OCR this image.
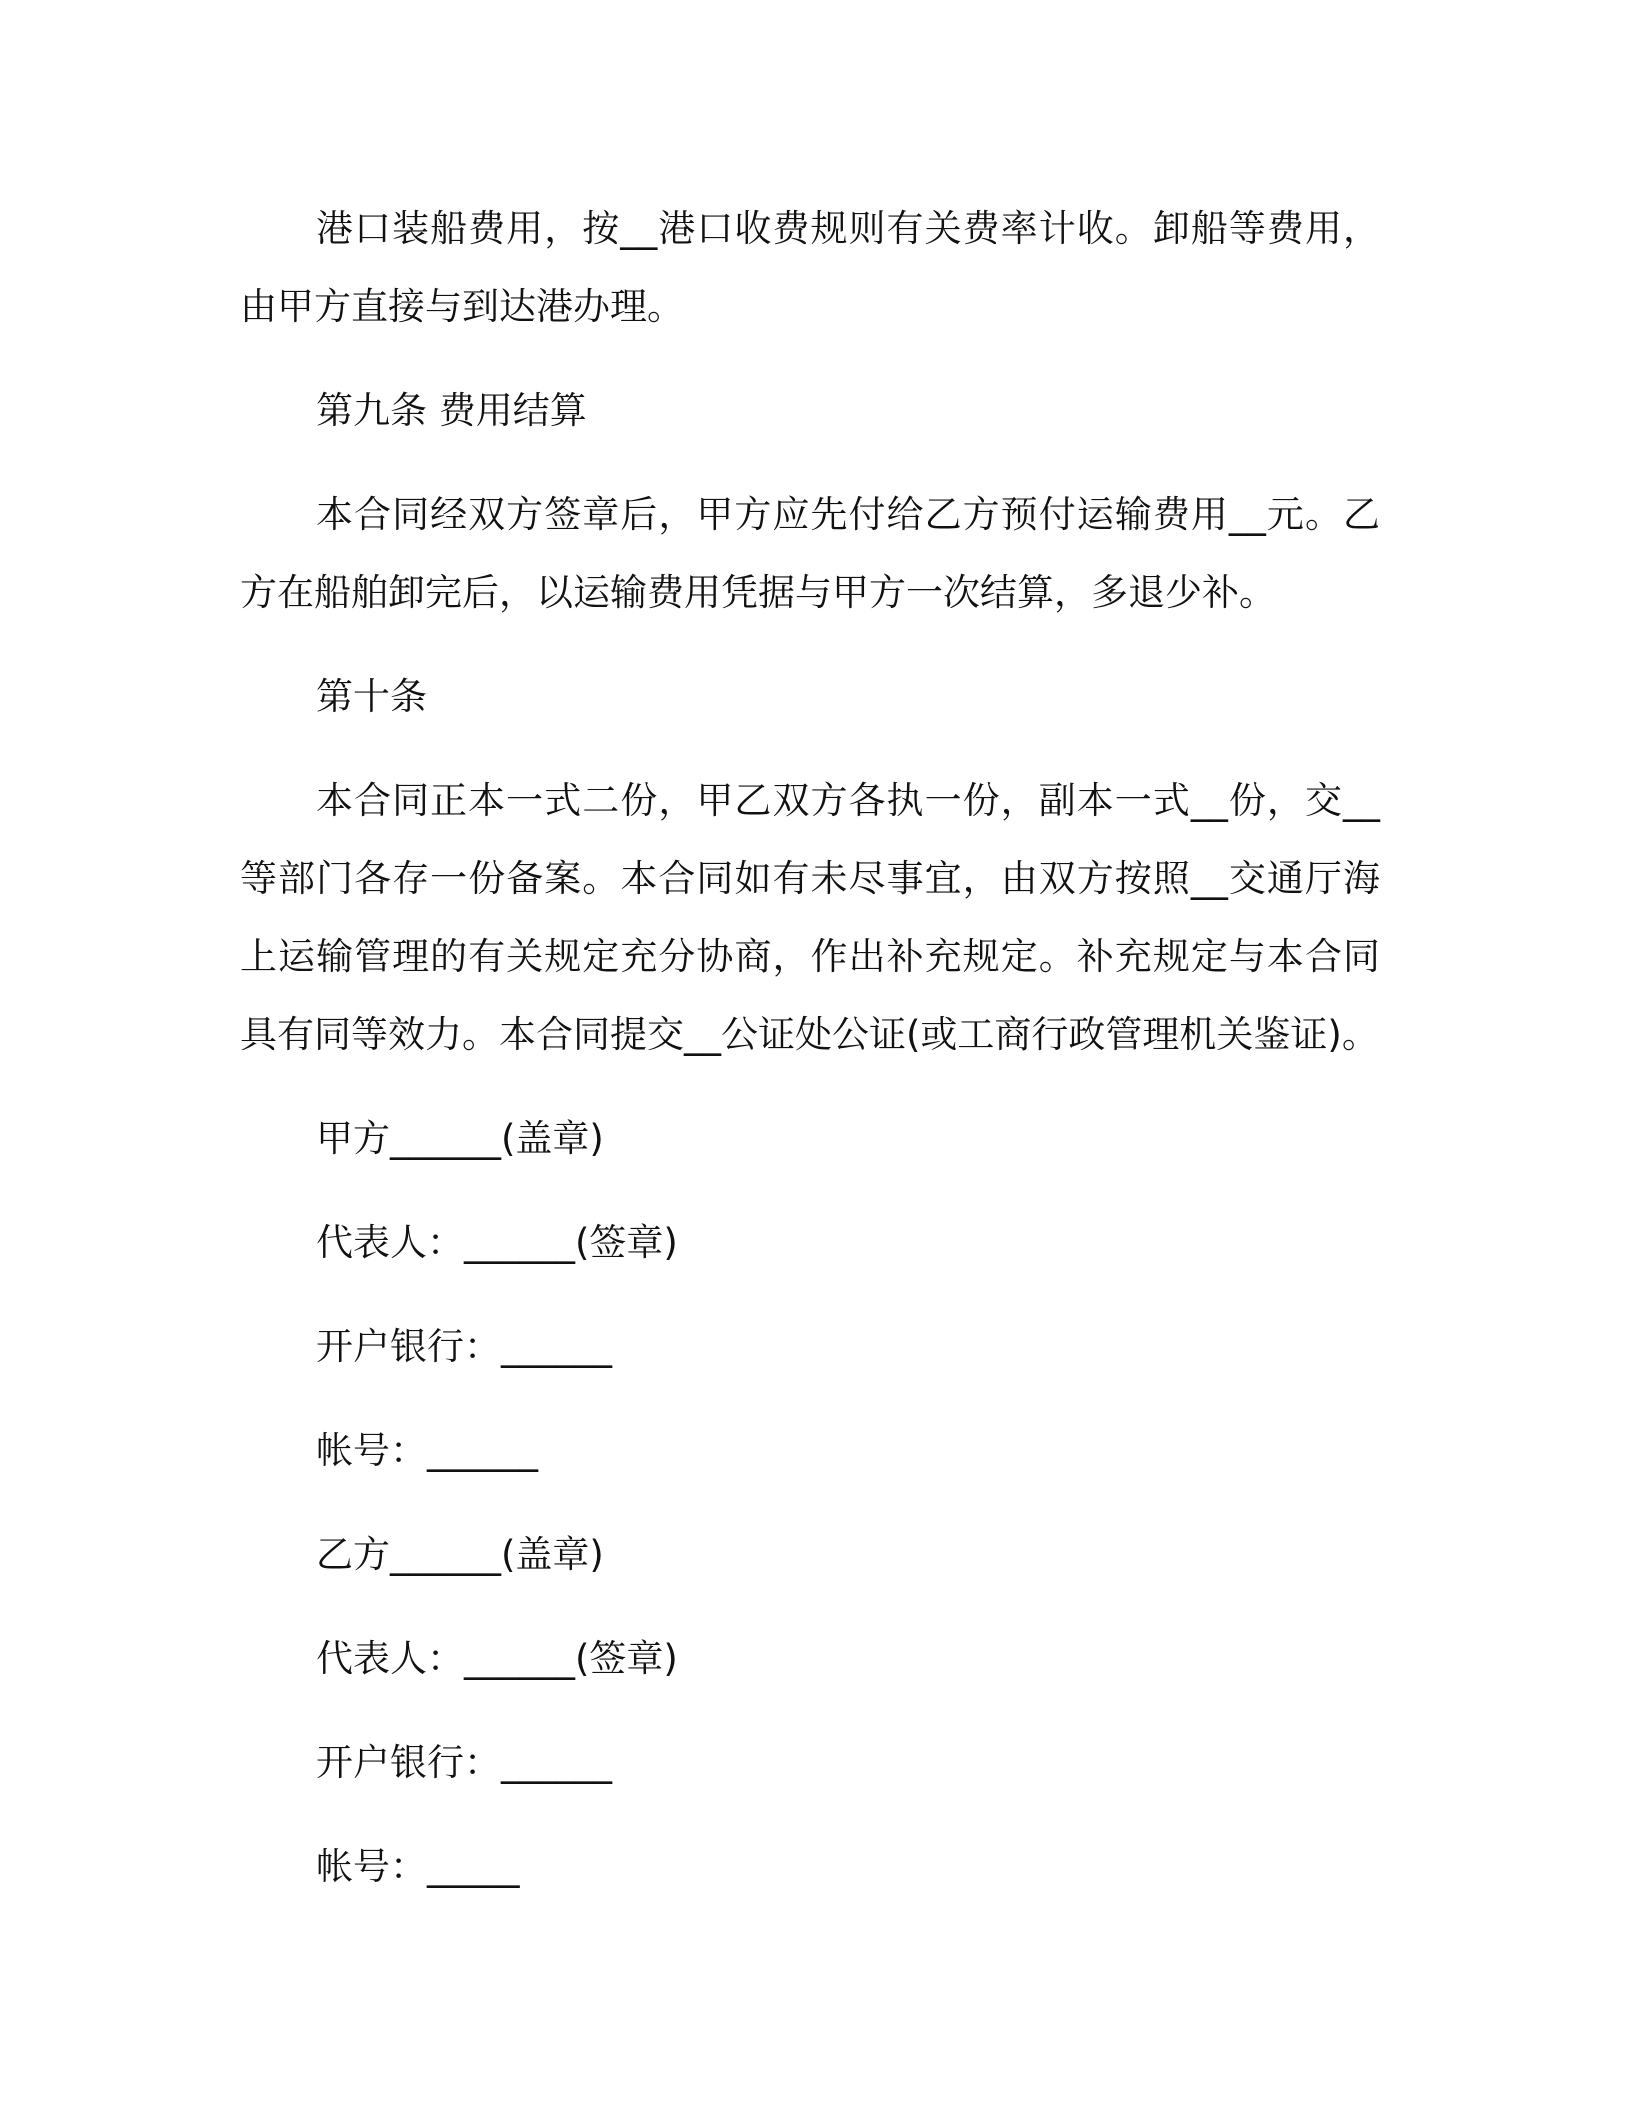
港口装船费用，按__港口收费规则有关费率计收。卸船等费用，由甲方直接与到达港办理。

第九条 费用结算

本合同经双方签章后，甲方应先付给乙方预付运输费用__元。乙方在船舶卸完后，以运输费用凭据与甲方一次结算，多退少补。

第十条

本合同正本一式二份，甲乙双方各执一份，副本一式__份，交__等部门各存一份备案。本合同如有未尽事宜，由双方按照__交通厅海上运输管理的有关规定充分协商，作出补充规定。补充规定与本合同具有同等效力。本合同提交__公证处公证(或工商行政管理机关鉴证)。

甲方______(盖章)

代表人：______(签章)

开户银行：______

帐号：______

乙方______(盖章)

代表人：______(签章)

开户银行：______

帐号：_____
